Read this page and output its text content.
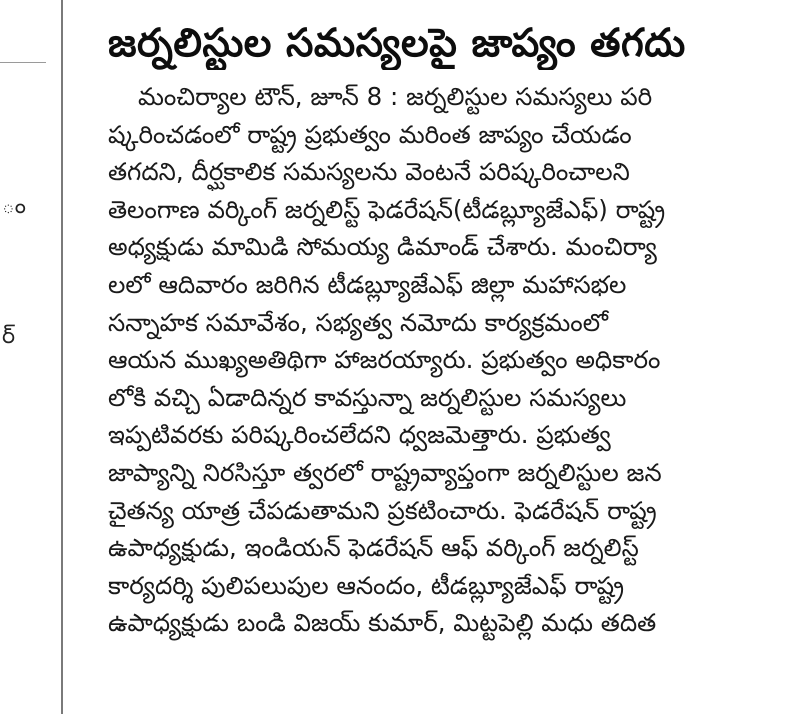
ం
ర్
జర్నలిస్టుల సమస్యలపై జాప్యం తగదు
మంచిర్యాల టౌన్, జూన్ 8 : జర్నలిస్టుల సమస్యలు పరి
ష్కరించడంలో రాష్ట్ర ప్రభుత్వం మరింత జాప్యం చేయడం
తగదని, దీర్ఘకాలిక సమస్యలను వెంటనే పరిష్కరించాలని
తెలంగాణ వర్కింగ్ జర్నలిస్ట్ ఫెడరేషన్(టీడబ్ల్యూజేఎఫ్) రాష్ట్ర
అధ్యక్షుడు మామిడి సోమయ్య డిమాండ్ చేశారు. మంచిర్యా
లలో ఆదివారం జరిగిన టీడబ్ల్యూజేఎఫ్ జిల్లా మహాసభల
సన్నాహక సమావేశం, సభ్యత్వ నమోదు కార్యక్రమంలో
ఆయన ముఖ్యఅతిథిగా హాజరయ్యారు. ప్రభుత్వం అధికారం
లోకి వచ్చి ఏడాదిన్నర కావస్తున్నా జర్నలిస్టుల సమస్యలు
ఇప్పటివరకు పరిష్కరించలేదని ధ్వజమెత్తారు. ప్రభుత్వ
జాప్యాన్ని నిరసిస్తూ త్వరలో రాష్ట్రవ్యాప్తంగా జర్నలిస్టుల జన
చైతన్య యాత్ర చేపడుతామని ప్రకటించారు. ఫెడరేషన్ రాష్ట్ర
ఉపాధ్యక్షుడు, ఇండియన్ ఫెడరేషన్ ఆఫ్ వర్కింగ్ జర్నలిస్ట్
కార్యదర్శి పులిపలుపుల ఆనందం, టీడబ్ల్యూజేఎఫ్ రాష్ట్ర
ఉపాధ్యక్షుడు బండి విజయ్ కుమార్, మిట్టపెల్లి మధు తదిత
